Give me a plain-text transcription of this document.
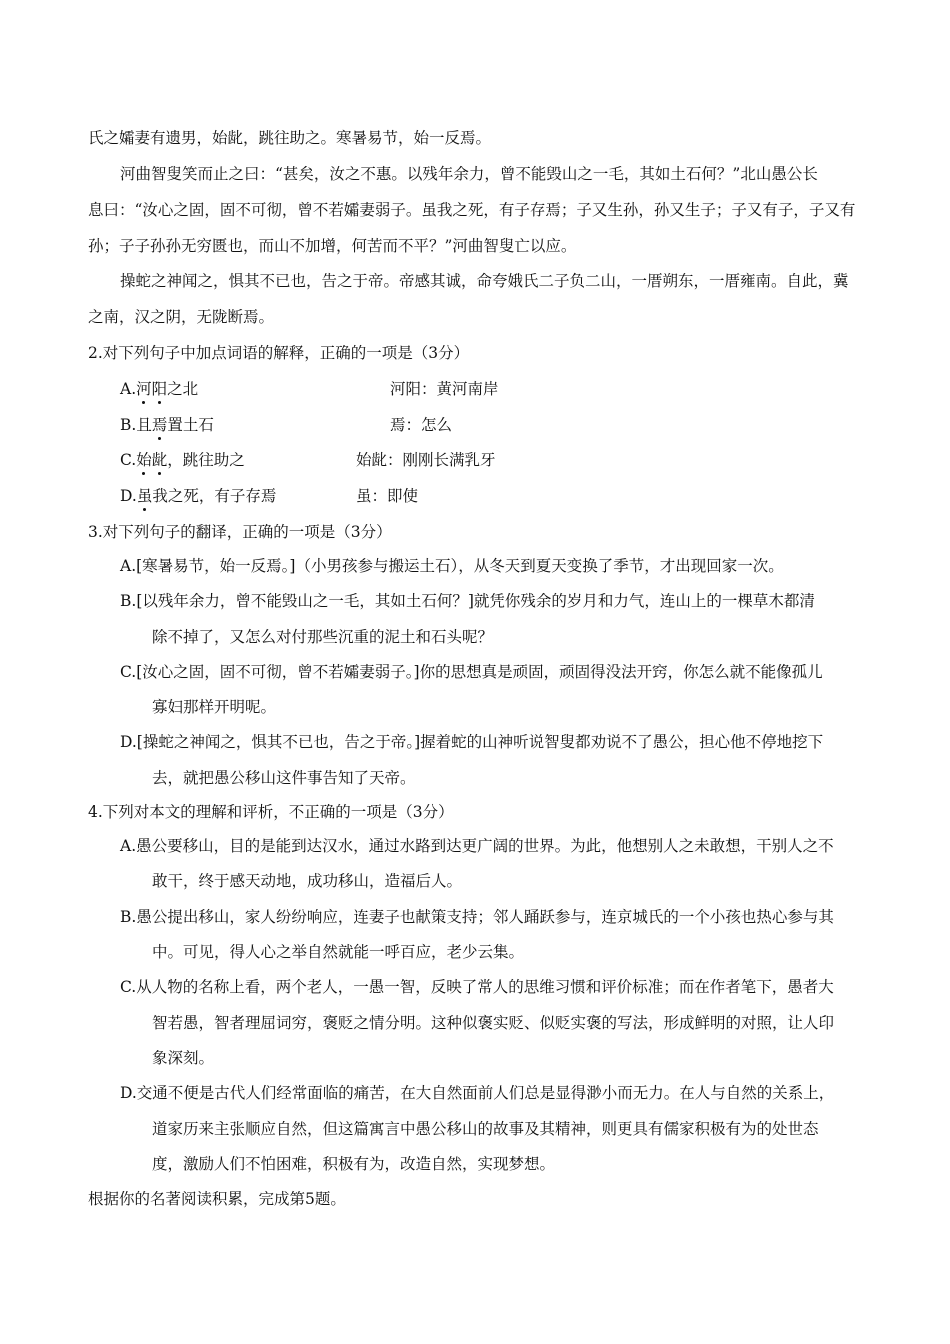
氏之孀妻有遗男，始龀，跳往助之。寒暑易节，始一反焉。
河曲智叟笑而止之曰：“甚矣，汝之不惠。以残年余力，曾不能毁山之一毛，其如土石何？”北山愚公长
息曰：“汝心之固，固不可彻，曾不若孀妻弱子。虽我之死，有子存焉；子又生孙，孙又生子；子又有子，子又有
孙；子子孙孙无穷匮也，而山不加增，何苦而不平？”河曲智叟亡以应。
操蛇之神闻之，惧其不已也，告之于帝。帝感其诚，命夸娥氏二子负二山，一厝朔东，一厝雍南。自此，冀
之南，汉之阴，无陇断焉。
2.对下列句子中加点词语的解释，正确的一项是（3分）
A.河阳之北	河阳：黄河南岸
B.且焉置土石	焉：怎么
C.始龀，跳往助之	始龀：刚刚长满乳牙
D.虽我之死，有子存焉	虽：即使
3.对下列句子的翻译，正确的一项是（3分）
A.[寒暑易节，始一反焉。]（小男孩参与搬运土石），从冬天到夏天变换了季节，才出现回家一次。
B.[以残年余力，曾不能毁山之一毛，其如土石何？]就凭你残余的岁月和力气，连山上的一棵草木都清
除不掉了，又怎么对付那些沉重的泥土和石头呢？
C.[汝心之固，固不可彻，曾不若孀妻弱子。]你的思想真是顽固，顽固得没法开窍，你怎么就不能像孤儿
寡妇那样开明呢。
D.[操蛇之神闻之，惧其不已也，告之于帝。]握着蛇的山神听说智叟都劝说不了愚公，担心他不停地挖下
去，就把愚公移山这件事告知了天帝。
4.下列对本文的理解和评析，不正确的一项是（3分）
A.愚公要移山，目的是能到达汉水，通过水路到达更广阔的世界。为此，他想别人之未敢想，干别人之不
敢干，终于感天动地，成功移山，造福后人。
B.愚公提出移山，家人纷纷响应，连妻子也献策支持；邻人踊跃参与，连京城氏的一个小孩也热心参与其
中。可见，得人心之举自然就能一呼百应，老少云集。
C.从人物的名称上看，两个老人，一愚一智，反映了常人的思维习惯和评价标准；而在作者笔下，愚者大
智若愚，智者理屈词穷，褒贬之情分明。这种似褒实贬、似贬实褒的写法，形成鲜明的对照，让人印
象深刻。
D.交通不便是古代人们经常面临的痛苦，在大自然面前人们总是显得渺小而无力。在人与自然的关系上，
道家历来主张顺应自然，但这篇寓言中愚公移山的故事及其精神，则更具有儒家积极有为的处世态
度，激励人们不怕困难，积极有为，改造自然，实现梦想。
根据你的名著阅读积累，完成第5题。
